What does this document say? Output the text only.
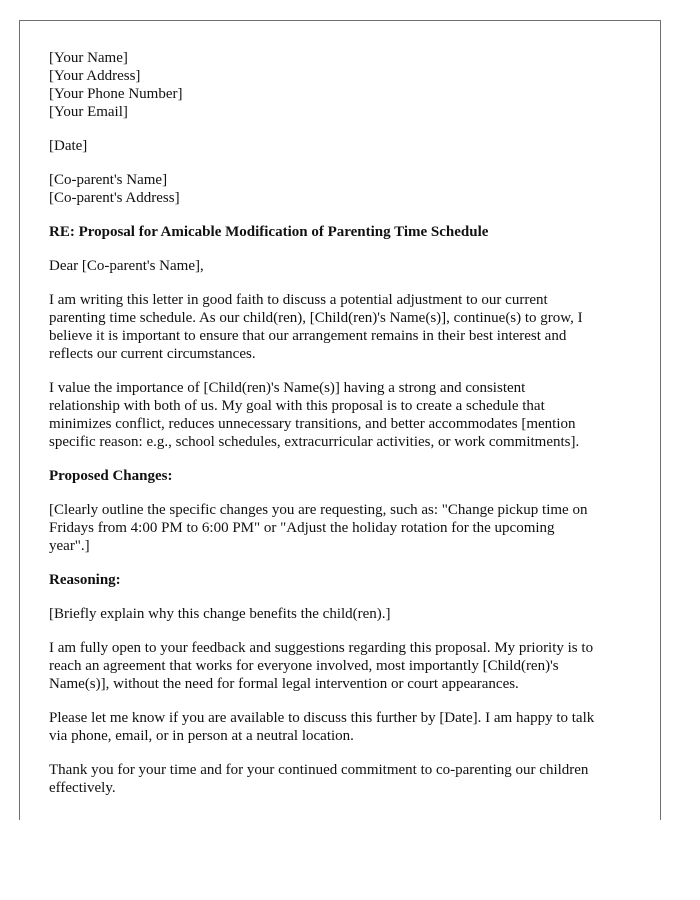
[Your Name]
[Your Address]
[Your Phone Number]
[Your Email]
[Date]
[Co-parent's Name]
[Co-parent's Address]
RE: Proposal for Amicable Modification of Parenting Time Schedule
Dear [Co-parent's Name],
I am writing this letter in good faith to discuss a potential adjustment to our current
parenting time schedule. As our child(ren), [Child(ren)'s Name(s)], continue(s) to grow, I
believe it is important to ensure that our arrangement remains in their best interest and
reflects our current circumstances.
I value the importance of [Child(ren)'s Name(s)] having a strong and consistent
relationship with both of us. My goal with this proposal is to create a schedule that
minimizes conflict, reduces unnecessary transitions, and better accommodates [mention
specific reason: e.g., school schedules, extracurricular activities, or work commitments].
Proposed Changes:
[Clearly outline the specific changes you are requesting, such as: "Change pickup time on
Fridays from 4:00 PM to 6:00 PM" or "Adjust the holiday rotation for the upcoming
year".]
Reasoning:
[Briefly explain why this change benefits the child(ren).]
I am fully open to your feedback and suggestions regarding this proposal. My priority is to
reach an agreement that works for everyone involved, most importantly [Child(ren)'s
Name(s)], without the need for formal legal intervention or court appearances.
Please let me know if you are available to discuss this further by [Date]. I am happy to talk
via phone, email, or in person at a neutral location.
Thank you for your time and for your continued commitment to co-parenting our children
effectively.
